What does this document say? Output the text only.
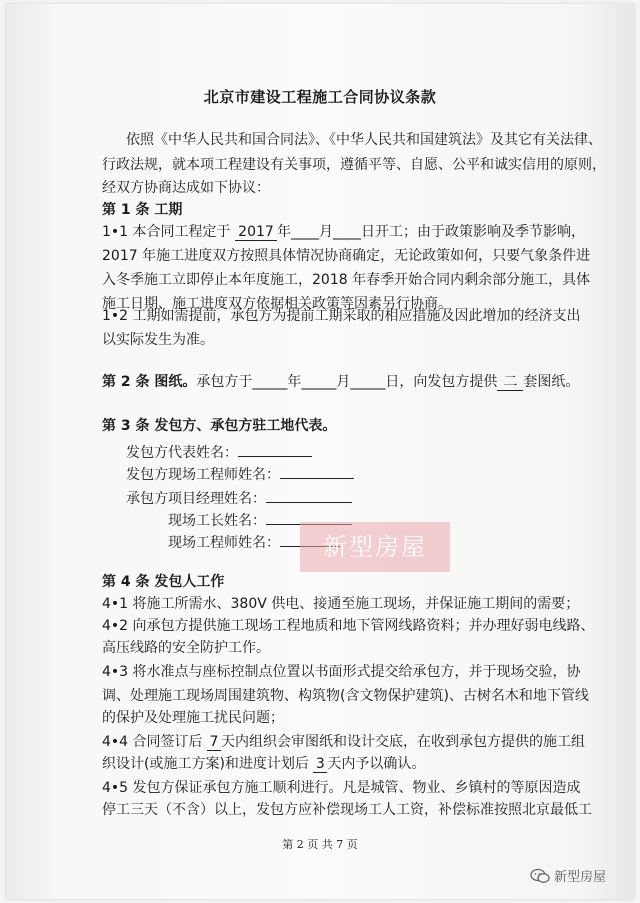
北京市建设工程施工合同协议条款
依照《中华人民共和国合同法》、《中华人民共和国建筑法》及其它有关法律、
行政法规，就本项工程建设有关事项，遵循平等、自愿、公平和诚实信用的原则，
经双方协商达成如下协议：
第 1 条 工期
1•1 本合同工程定于 2017 年____月____日开工；由于政策影响及季节影响，
2017 年施工进度双方按照具体情况协商确定，无论政策如何，只要气象条件进
入冬季施工立即停止本年度施工，2018 年春季开始合同内剩余部分施工，具体
施工日期、施工进度双方依据相关政策等因素另行协商。
1•2 工期如需提前，承包方为提前工期采取的相应措施及因此增加的经济支出
以实际发生为准。
第 2 条 图纸。承包方于_____年_____月_____日，向发包方提供 二 套图纸。
第 3 条 发包方、承包方驻工地代表。
发包方代表姓名：
发包方现场工程师姓名：
承包方项目经理姓名：
现场工长姓名：
现场工程师姓名：	新型房屋
第 4 条 发包人工作
4•1 将施工所需水、380V 供电、接通至施工现场，并保证施工期间的需要；
4•2 向承包方提供施工现场工程地质和地下管网线路资料；并办理好弱电线路、
高压线路的安全防护工作。
4•3 将水准点与座标控制点位置以书面形式提交给承包方，并于现场交验，协
调、处理施工现场周围建筑物、构筑物(含文物保护建筑)、古树名木和地下管线
的保护及处理施工扰民问题；
4•4 合同签订后 7 天内组织会审图纸和设计交底，在收到承包方提供的施工组
织设计(或施工方案)和进度计划后 3 天内予以确认。
4•5 发包方保证承包方施工顺利进行。凡是城管、物业、乡镇村的等原因造成
停工三天（不含）以上，发包方应补偿现场工人工资，补偿标准按照北京最低工
第 2 页 共 7 页
新型房屋
